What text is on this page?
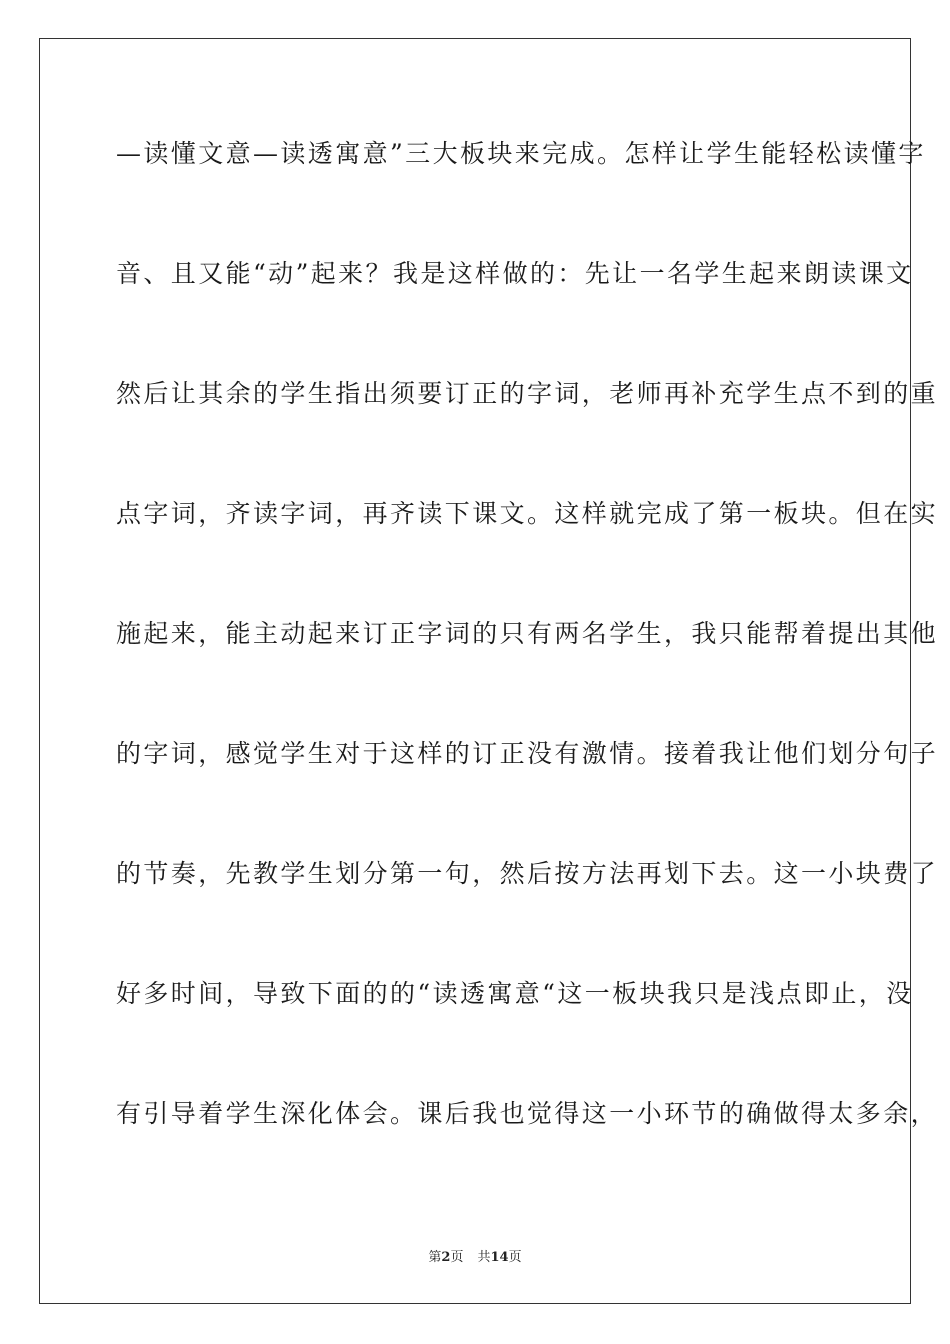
—读懂文意—读透寓意”三大板块来完成。怎样让学生能轻松读懂字
音、且又能“动”起来？我是这样做的：先让一名学生起来朗读课文
然后让其余的学生指出须要订正的字词，老师再补充学生点不到的重
点字词，齐读字词，再齐读下课文。这样就完成了第一板块。但在实
施起来，能主动起来订正字词的只有两名学生，我只能帮着提出其他
的字词，感觉学生对于这样的订正没有激情。接着我让他们划分句子
的节奏，先教学生划分第一句，然后按方法再划下去。这一小块费了
好多时间，导致下面的的“读透寓意“这一板块我只是浅点即止，没
有引导着学生深化体会。课后我也觉得这一小环节的确做得太多余，
第2页 共14页
